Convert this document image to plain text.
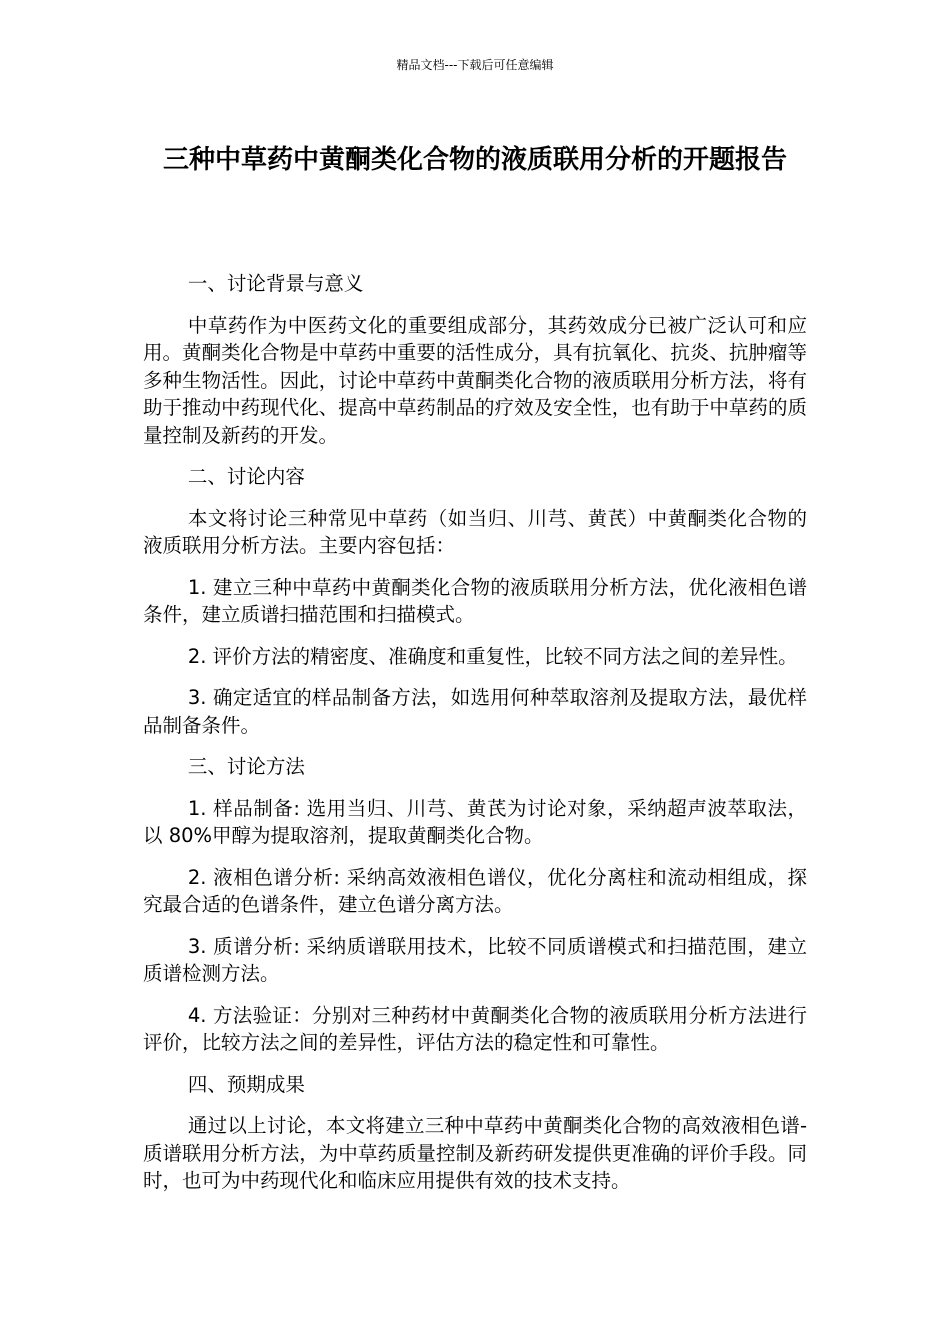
精品文档---下载后可任意编辑
三种中草药中黄酮类化合物的液质联用分析的开题报告

一、讨论背景与意义

中草药作为中医药文化的重要组成部分，其药效成分已被广泛认可和应用。黄酮类化合物是中草药中重要的活性成分，具有抗氧化、抗炎、抗肿瘤等多种生物活性。因此，讨论中草药中黄酮类化合物的液质联用分析方法，将有助于推动中药现代化、提高中草药制品的疗效及安全性，也有助于中草药的质量控制及新药的开发。

二、讨论内容

本文将讨论三种常见中草药（如当归、川芎、黄芪）中黄酮类化合物的液质联用分析方法。主要内容包括：

1. 建立三种中草药中黄酮类化合物的液质联用分析方法，优化液相色谱条件，建立质谱扫描范围和扫描模式。

2. 评价方法的精密度、准确度和重复性，比较不同方法之间的差异性。

3. 确定适宜的样品制备方法，如选用何种萃取溶剂及提取方法，最优样品制备条件。

三、讨论方法

1. 样品制备: 选用当归、川芎、黄芪为讨论对象，采纳超声波萃取法，以 80%甲醇为提取溶剂，提取黄酮类化合物。

2. 液相色谱分析: 采纳高效液相色谱仪，优化分离柱和流动相组成，探究最合适的色谱条件，建立色谱分离方法。

3. 质谱分析: 采纳质谱联用技术，比较不同质谱模式和扫描范围，建立质谱检测方法。

4. 方法验证：分别对三种药材中黄酮类化合物的液质联用分析方法进行评价，比较方法之间的差异性，评估方法的稳定性和可靠性。

四、预期成果

通过以上讨论，本文将建立三种中草药中黄酮类化合物的高效液相色谱-质谱联用分析方法，为中草药质量控制及新药研发提供更准确的评价手段。同时，也可为中药现代化和临床应用提供有效的技术支持。
